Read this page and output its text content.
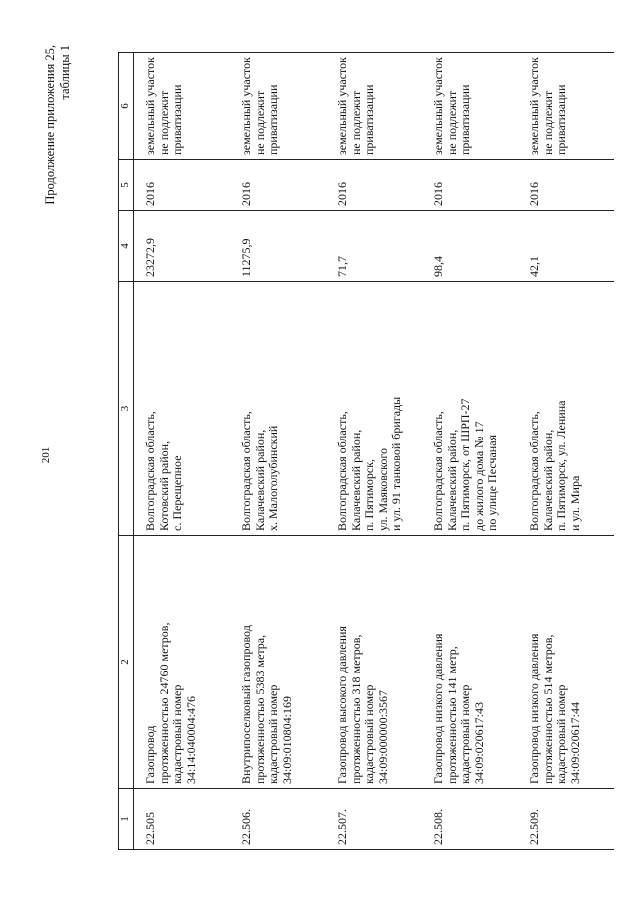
201
Продолжение приложения 25, таблицы 1
1	2	3	4	5	6
22.505	Газопровод протяженностью 24760 метров, кадастровый номер 34:14:040004:476	Волгоградская область, Котовский район, с. Перещепное	23272,9	2016	земельный участок не подлежит приватизации

22.506.	Внутрипоселковый газопровод протяженностью 5383 метра, кадастровый номер 34:09:010804:169	Волгоградская область, Калачевский район, х. Малоголубинский	11275,9	2016	земельный участок не подлежит приватизации

22.507.	Газопровод высокого давления протяженностью 318 метров, кадастровый номер 34:09:000000:3567	Волгоградская область, Калачевский район, п. Пятиморск, ул. Маяковского и ул. 91 танковой бригады	71,7	2016	земельный участок не подлежит приватизации

22.508.	Газопровод низкого давления протяженностью 141 метр, кадастровый номер 34:09:020617:43	Волгоградская область, Калачевский район, п. Пятиморск, от ШРП-27 до жилого дома № 17 по улице Песчаная	98,4	2016	земельный участок не подлежит приватизации

22.509.	Газопровод низкого давления протяженностью 514 метров, кадастровый номер 34:09:020617:44	Волгоградская область, Калачевский район, п. Пятиморск, ул. Ленина и ул. Мира	42,1	2016	земельный участок не подлежит приватизации
